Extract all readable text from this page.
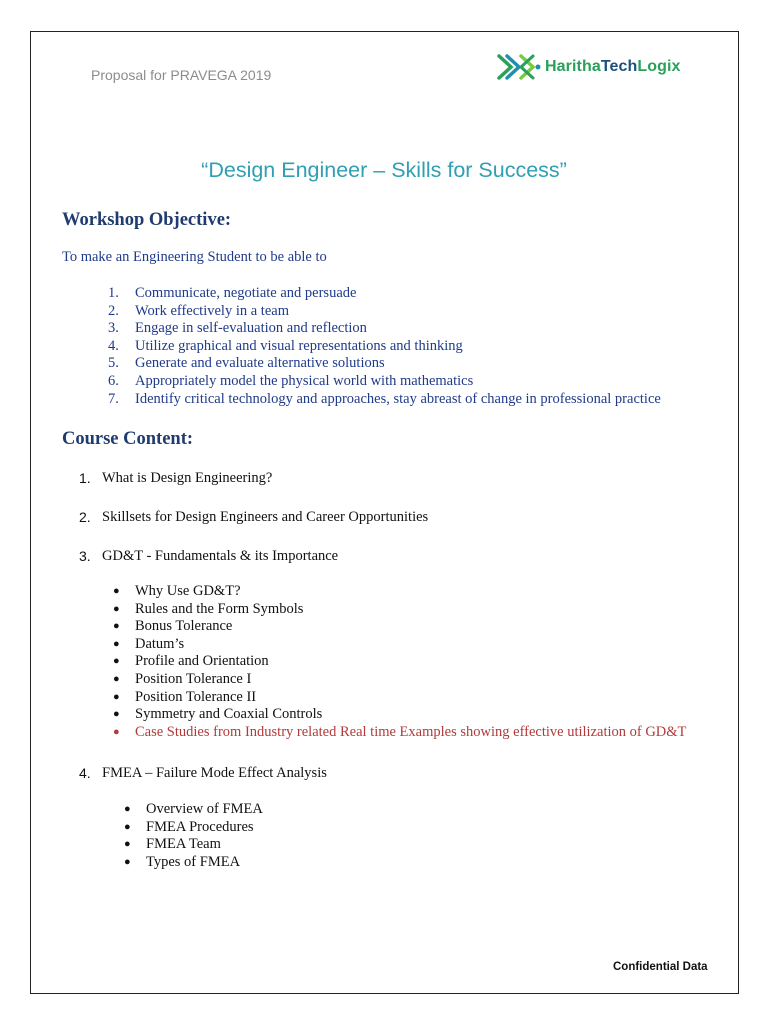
Proposal for PRAVEGA 2019	HarithaTechLogix
“Design Engineer – Skills for Success”
Workshop Objective:
To make an Engineering Student to be able to
1.	Communicate, negotiate and persuade
2.	Work effectively in a team
3.	Engage in self-evaluation and reflection
4.	Utilize graphical and visual representations and thinking
5.	Generate and evaluate alternative solutions
6.	Appropriately model the physical world with mathematics
7.	Identify critical technology and approaches, stay abreast of change in professional practice
Course Content:
1. What is Design Engineering?
2. Skillsets for Design Engineers and Career Opportunities
3. GD&T - Fundamentals & its Importance
●	Why Use GD&T?
●	Rules and the Form Symbols
●	Bonus Tolerance
●	Datum’s
●	Profile and Orientation
●	Position Tolerance I
●	Position Tolerance II
●	Symmetry and Coaxial Controls
●	Case Studies from Industry related Real time Examples showing effective utilization of GD&T
4. FMEA – Failure Mode Effect Analysis
●	Overview of FMEA
●	FMEA Procedures
●	FMEA Team
●	Types of FMEA
Confidential Data
